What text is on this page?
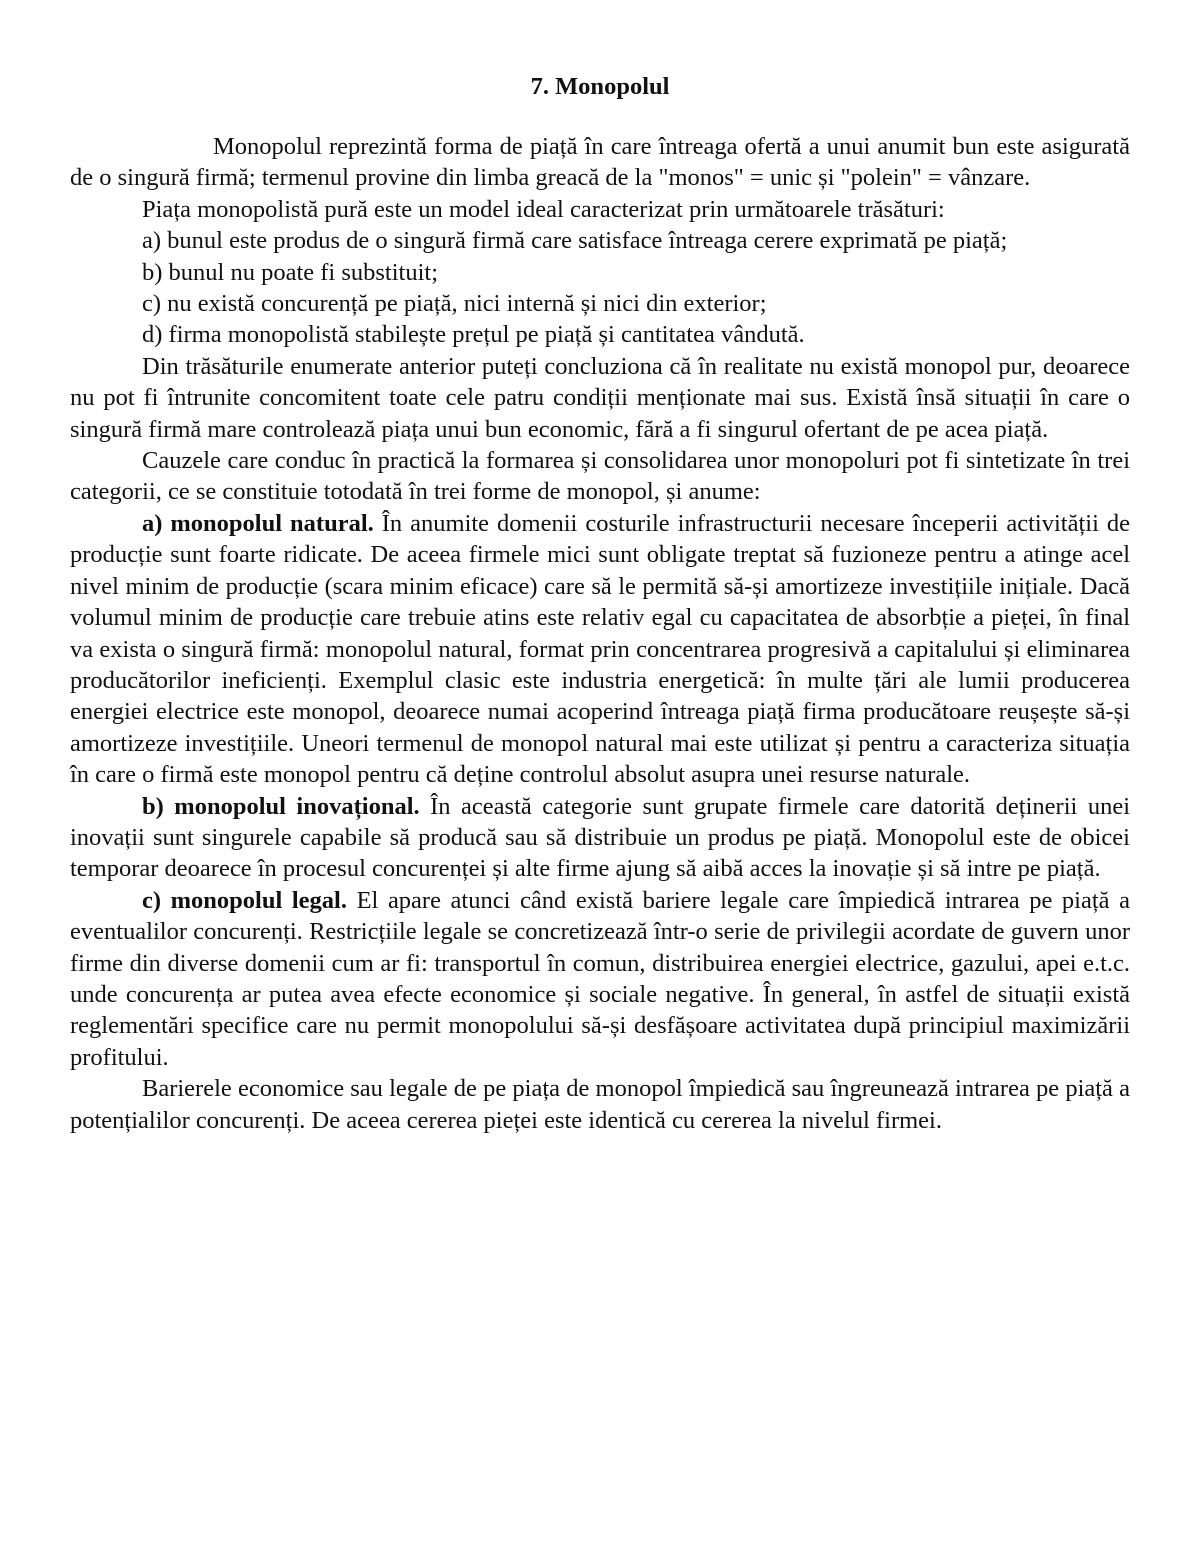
7. Monopolul

Monopolul reprezintă forma de piață în care întreaga ofertă a unui anumit bun este asigurată de o singură firmă; termenul provine din limba greacă de la "monos" = unic și "polein" = vânzare.

Piața monopolistă pură este un model ideal caracterizat prin următoarele trăsături:

a) bunul este produs de o singură firmă care satisface întreaga cerere exprimată pe piață;

b) bunul nu poate fi substituit;

c) nu există concurență pe piață, nici internă și nici din exterior;

d) firma monopolistă stabilește prețul pe piață și cantitatea vândută.

Din trăsăturile enumerate anterior puteți concluziona că în realitate nu există monopol pur, deoarece nu pot fi întrunite concomitent toate cele patru condiții menționate mai sus. Există însă situații în care o singură firmă mare controlează piața unui bun economic, fără a fi singurul ofertant de pe acea piață.

Cauzele care conduc în practică la formarea și consolidarea unor monopoluri pot fi sintetizate în trei categorii, ce se constituie totodată în trei forme de monopol, și anume:

a) monopolul natural. În anumite domenii costurile infrastructurii necesare începerii activității de producție sunt foarte ridicate. De aceea firmele mici sunt obligate treptat să fuzioneze pentru a atinge acel nivel minim de producție (scara minim eficace) care să le permită să-și amortizeze investițiile inițiale. Dacă volumul minim de producție care trebuie atins este relativ egal cu capacitatea de absorbție a pieței, în final va exista o singură firmă: monopolul natural, format prin concentrarea progresivă a capitalului și eliminarea producătorilor ineficienți. Exemplul clasic este industria energetică: în multe țări ale lumii producerea energiei electrice este monopol, deoarece numai acoperind întreaga piață firma producătoare reușește să-și amortizeze investițiile. Uneori termenul de monopol natural mai este utilizat și pentru a caracteriza situația în care o firmă este monopol pentru că deține controlul absolut asupra unei resurse naturale.

b) monopolul inovațional. În această categorie sunt grupate firmele care datorită deținerii unei inovații sunt singurele capabile să producă sau să distribuie un produs pe piață. Monopolul este de obicei temporar deoarece în procesul concurenței și alte firme ajung să aibă acces la inovație și să intre pe piață.

c) monopolul legal. El apare atunci când există bariere legale care împiedică intrarea pe piață a eventualilor concurenți. Restricțiile legale se concretizează într-o serie de privilegii acordate de guvern unor firme din diverse domenii cum ar fi: transportul în comun, distribuirea energiei electrice, gazului, apei e.t.c. unde concurența ar putea avea efecte economice și sociale negative. În general, în astfel de situații există reglementări specifice care nu permit monopolului să-și desfășoare activitatea după principiul maximizării profitului.

Barierele economice sau legale de pe piața de monopol împiedică sau îngreunează intrarea pe piață a potențialilor concurenți. De aceea cererea pieței este identică cu cererea la nivelul firmei.
